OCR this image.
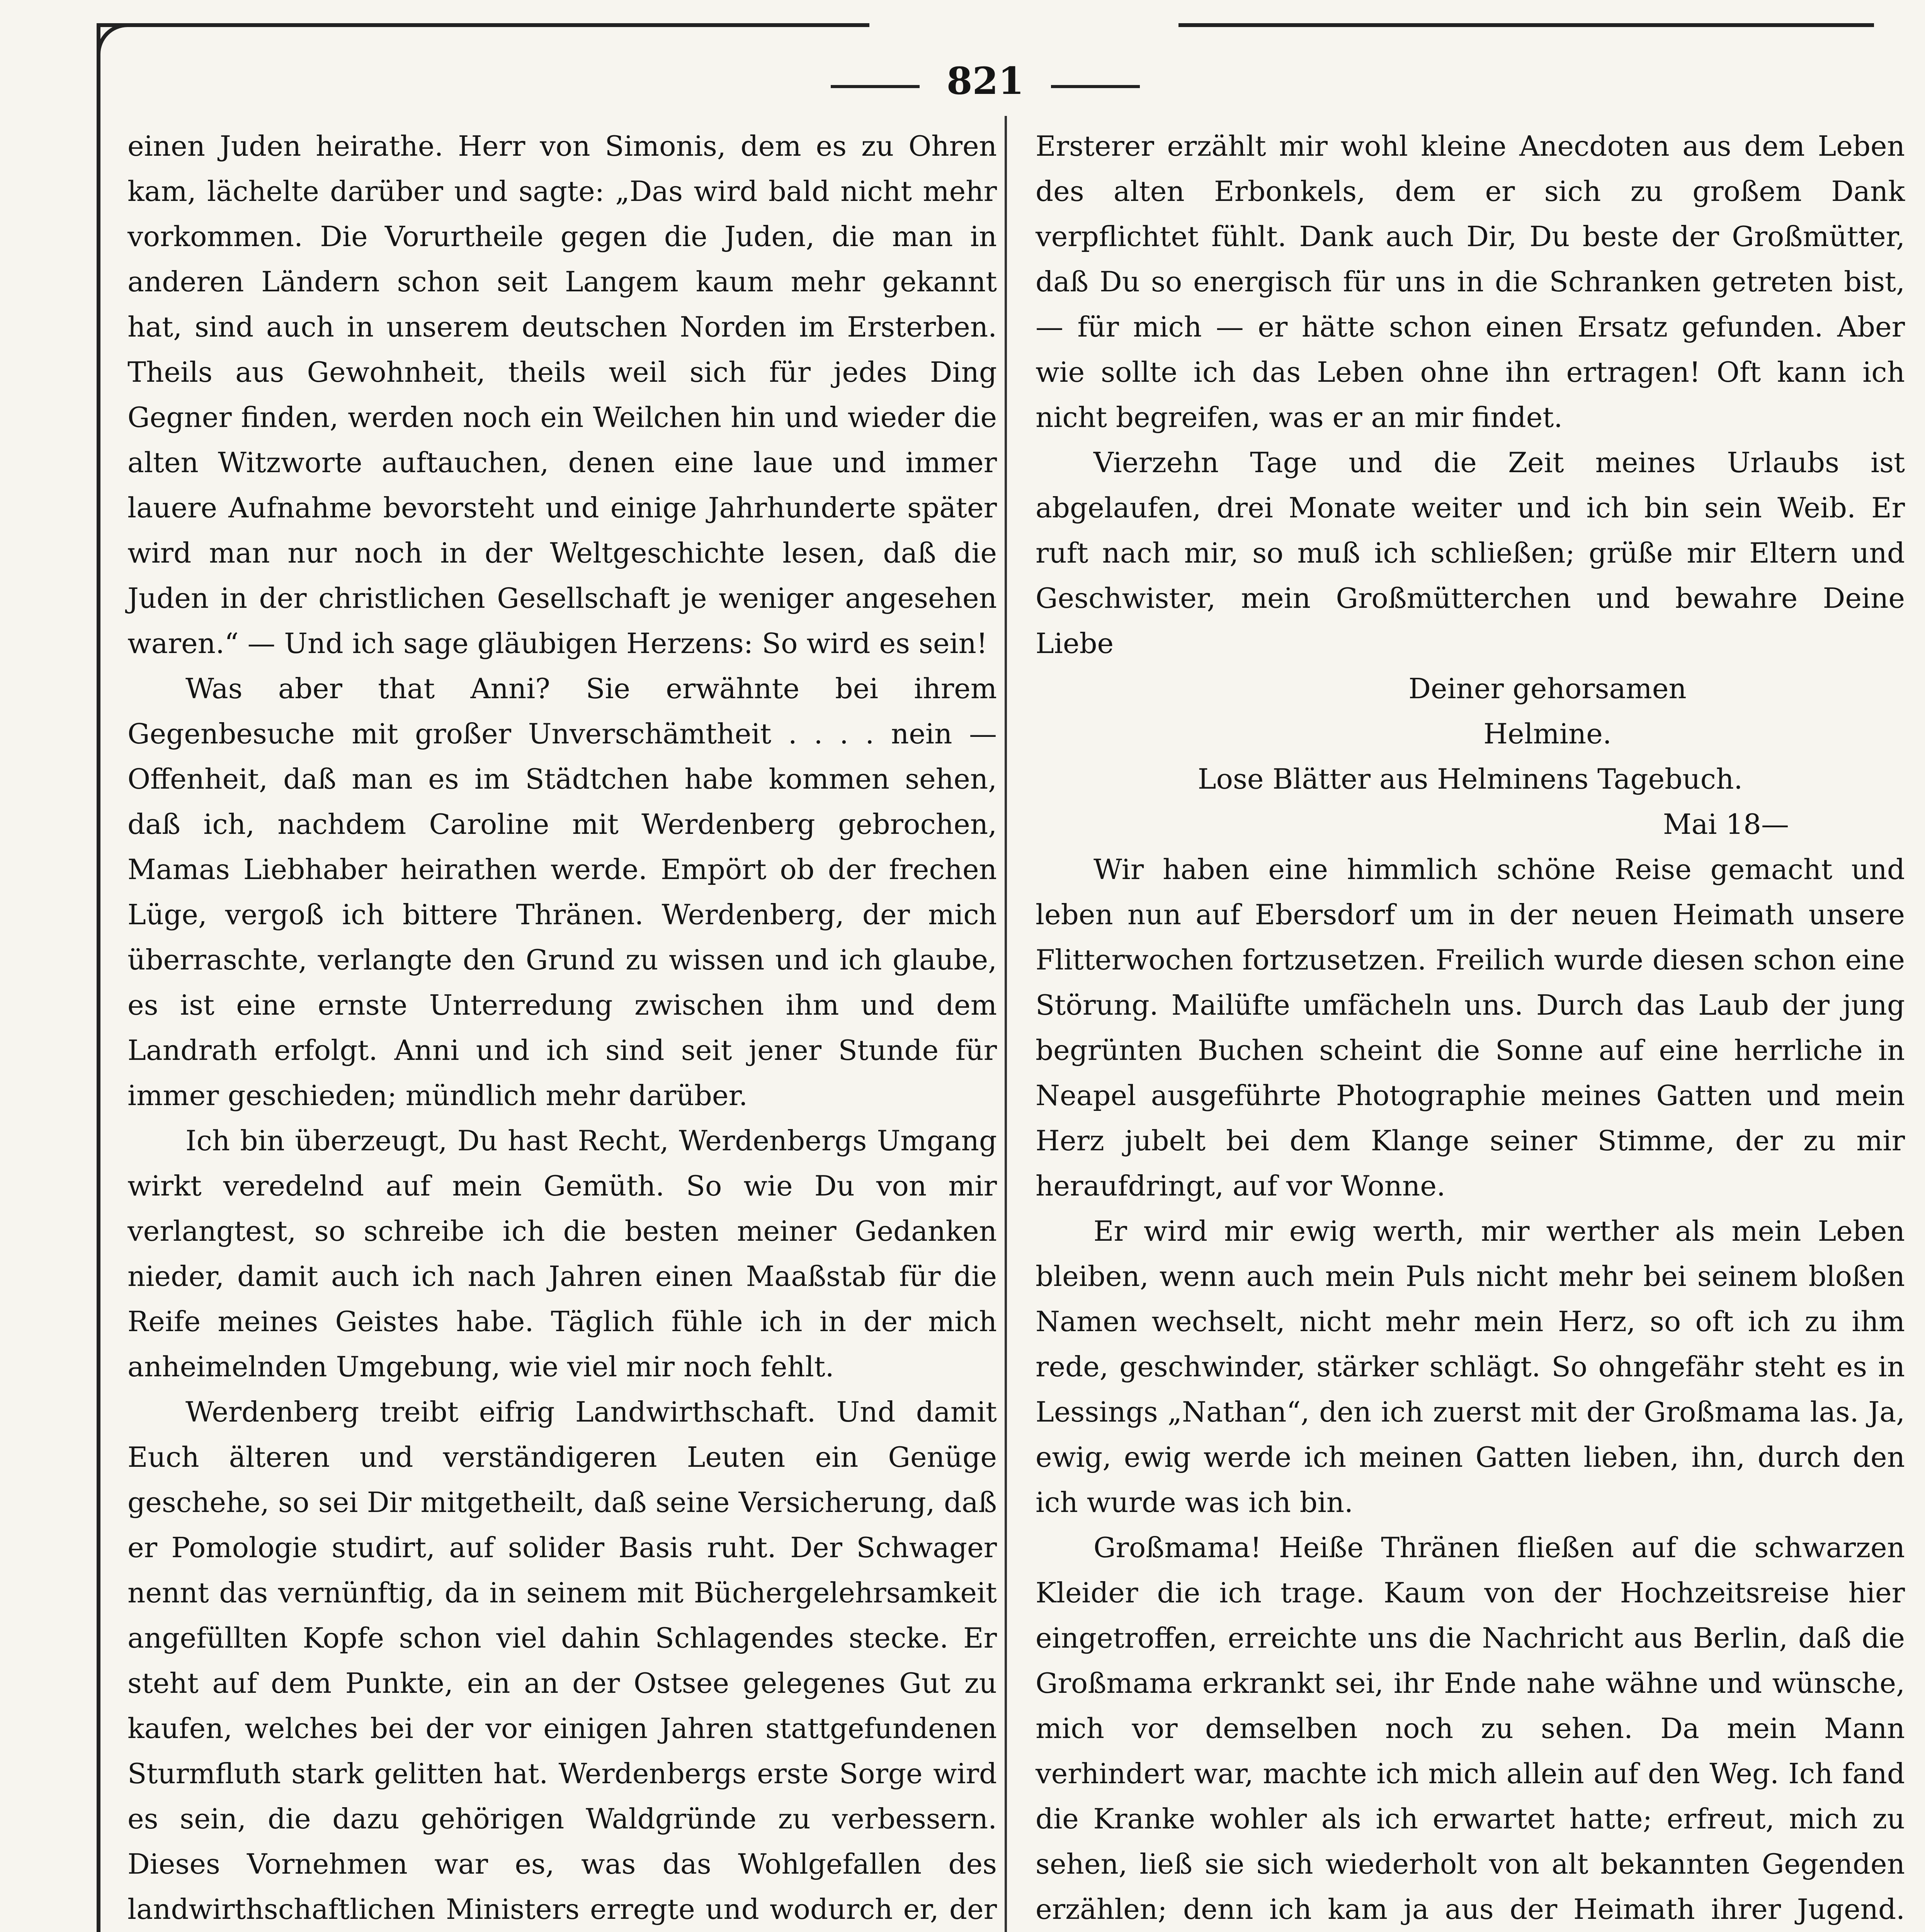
821

einen Juden heirathe. Herr von Simonis, dem es zu Ohren kam, lächelte darüber und sagte: „Das wird bald nicht mehr vorkommen. Die Vorurtheile gegen die Juden, die man in anderen Ländern schon seit Langem kaum mehr gekannt hat, sind auch in unserem deutschen Norden im Ersterben. Theils aus Gewohnheit, theils weil sich für jedes Ding Gegner finden, werden noch ein Weilchen hin und wieder die alten Witzworte auftauchen, denen eine laue und immer lauere Aufnahme bevorsteht und einige Jahrhunderte später wird man nur noch in der Weltgeschichte lesen, daß die Juden in der christlichen Gesellschaft je weniger angesehen waren.“ — Und ich sage gläubigen Herzens: So wird es sein!

Was aber that Anni? Sie erwähnte bei ihrem Gegenbesuche mit großer Unverschämtheit . . . . nein — Offenheit, daß man es im Städtchen habe kommen sehen, daß ich, nachdem Caroline mit Werdenberg gebrochen, Mamas Liebhaber heirathen werde. Empört ob der frechen Lüge, vergoß ich bittere Thränen. Werdenberg, der mich überraschte, verlangte den Grund zu wissen und ich glaube, es ist eine ernste Unterredung zwischen ihm und dem Landrath erfolgt. Anni und ich sind seit jener Stunde für immer geschieden; mündlich mehr darüber.

Ich bin überzeugt, Du hast Recht, Werdenbergs Umgang wirkt veredelnd auf mein Gemüth. So wie Du von mir verlangtest, so schreibe ich die besten meiner Gedanken nieder, damit auch ich nach Jahren einen Maaßstab für die Reife meines Geistes habe. Täglich fühle ich in der mich anheimelnden Umgebung, wie viel mir noch fehlt.

Werdenberg treibt eifrig Landwirthschaft. Und damit Euch älteren und verständigeren Leuten ein Genüge geschehe, so sei Dir mitgetheilt, daß seine Versicherung, daß er Pomologie studirt, auf solider Basis ruht. Der Schwager nennt das vernünftig, da in seinem mit Büchergelehrsamkeit angefüllten Kopfe schon viel dahin Schlagendes stecke. Er steht auf dem Punkte, ein an der Ostsee gelegenes Gut zu kaufen, welches bei der vor einigen Jahren stattgefundenen Sturmfluth stark gelitten hat. Werdenbergs erste Sorge wird es sein, die dazu gehörigen Waldgründe zu verbessern. Dieses Vornehmen war es, was das Wohlgefallen des landwirthschaftlichen Ministers erregte und wodurch er, der

Ersterer erzählt mir wohl kleine Anecdoten aus dem Leben des alten Erbonkels, dem er sich zu großem Dank verpflichtet fühlt. Dank auch Dir, Du beste der Großmütter, daß Du so energisch für uns in die Schranken getreten bist, — für mich — er hätte schon einen Ersatz gefunden. Aber wie sollte ich das Leben ohne ihn ertragen! Oft kann ich nicht begreifen, was er an mir findet.

Vierzehn Tage und die Zeit meines Urlaubs ist abgelaufen, drei Monate weiter und ich bin sein Weib. Er ruft nach mir, so muß ich schließen; grüße mir Eltern und Geschwister, mein Großmütterchen und bewahre Deine Liebe

Deiner gehorsamen

Helmine.

Lose Blätter aus Helminens Tagebuch.

Mai 18—

Wir haben eine himmlich schöne Reise gemacht und leben nun auf Ebersdorf um in der neuen Heimath unsere Flitterwochen fortzusetzen. Freilich wurde diesen schon eine Störung. Mailüfte umfächeln uns. Durch das Laub der jung begrünten Buchen scheint die Sonne auf eine herrliche in Neapel ausgeführte Photographie meines Gatten und mein Herz jubelt bei dem Klange seiner Stimme, der zu mir heraufdringt, auf vor Wonne.

Er wird mir ewig werth, mir werther als mein Leben bleiben, wenn auch mein Puls nicht mehr bei seinem bloßen Namen wechselt, nicht mehr mein Herz, so oft ich zu ihm rede, geschwinder, stärker schlägt. So ohngefähr steht es in Lessings „Nathan“, den ich zuerst mit der Großmama las. Ja, ewig, ewig werde ich meinen Gatten lieben, ihn, durch den ich wurde was ich bin.

Großmama! Heiße Thränen fließen auf die schwarzen Kleider die ich trage. Kaum von der Hochzeitsreise hier eingetroffen, erreichte uns die Nachricht aus Berlin, daß die Großmama erkrankt sei, ihr Ende nahe wähne und wünsche, mich vor demselben noch zu sehen. Da mein Mann verhindert war, machte ich mich allein auf den Weg. Ich fand die Kranke wohler als ich erwartet hatte; erfreut, mich zu sehen, ließ sie sich wiederholt von alt bekannten Gegenden erzählen; denn ich kam ja aus der Heimath ihrer Jugend.
